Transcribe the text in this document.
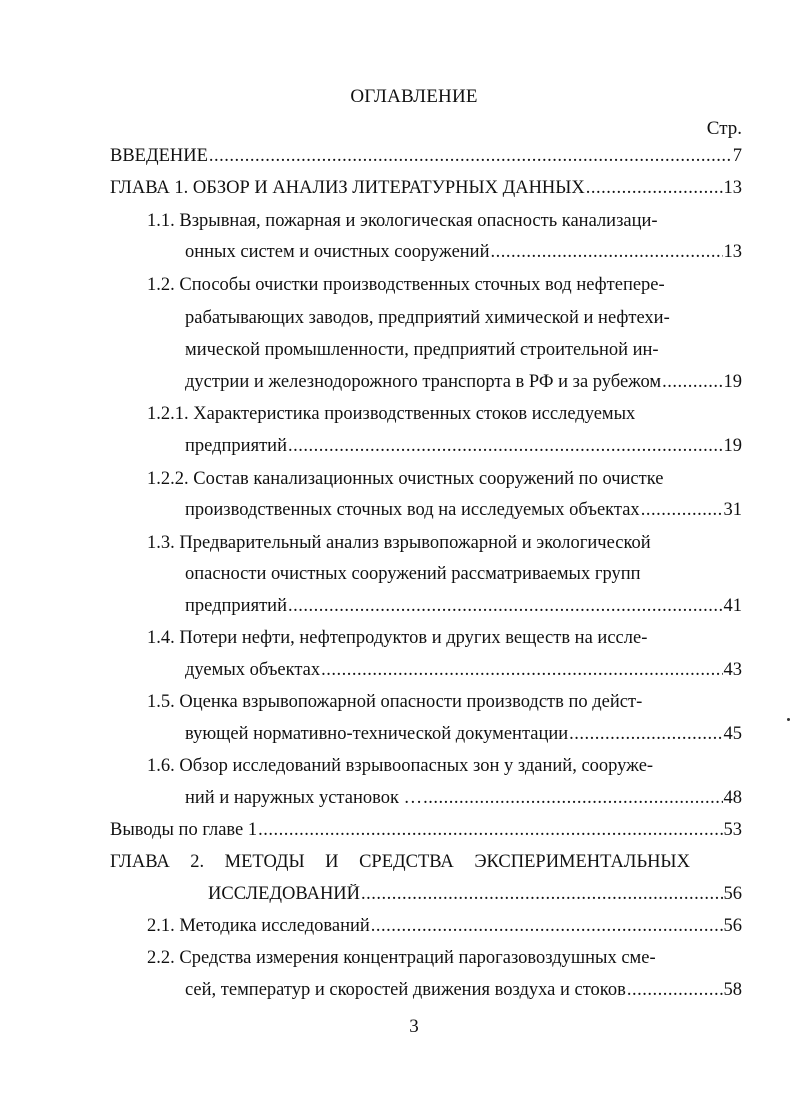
ОГЛАВЛЕНИЕ
Стр.
ВВЕДЕНИЕ .....	7
ГЛАВА 1. ОБЗОР И АНАЛИЗ ЛИТЕРАТУРНЫХ ДАННЫХ .....	13
1.1. Взрывная, пожарная и экологическая опасность канализаци-
онных систем и очистных сооружений .....	13
1.2. Способы очистки производственных сточных вод нефтепере-
рабатывающих заводов, предприятий химической и нефтехи-
мической промышленности, предприятий строительной ин-
дустрии и железнодорожного транспорта в РФ и за рубежом .....	19
1.2.1. Характеристика производственных стоков исследуемых
предприятий .....	19
1.2.2. Состав канализационных очистных сооружений по очистке
производственных сточных вод на исследуемых объектах .....	31
1.3. Предварительный анализ взрывопожарной и экологической
опасности очистных сооружений рассматриваемых групп
предприятий .....	41
1.4. Потери нефти, нефтепродуктов и других веществ на иссле-
дуемых объектах .....	43
1.5. Оценка взрывопожарной опасности производств по дейст-
вующей нормативно-технической документации .....	45
1.6. Обзор исследований взрывоопасных зон у зданий, сооруже-
ний и наружных установок … .....	48
Выводы по главе 1 .....	53
ГЛАВА 2. МЕТОДЫ И СРЕДСТВА ЭКСПЕРИМЕНТАЛЬНЫХ
ИССЛЕДОВАНИЙ .....	56
2.1. Методика исследований .....	56
2.2. Средства измерения концентраций парогазовоздушных сме-
сей, температур и скоростей движения воздуха и стоков .....	58
3
